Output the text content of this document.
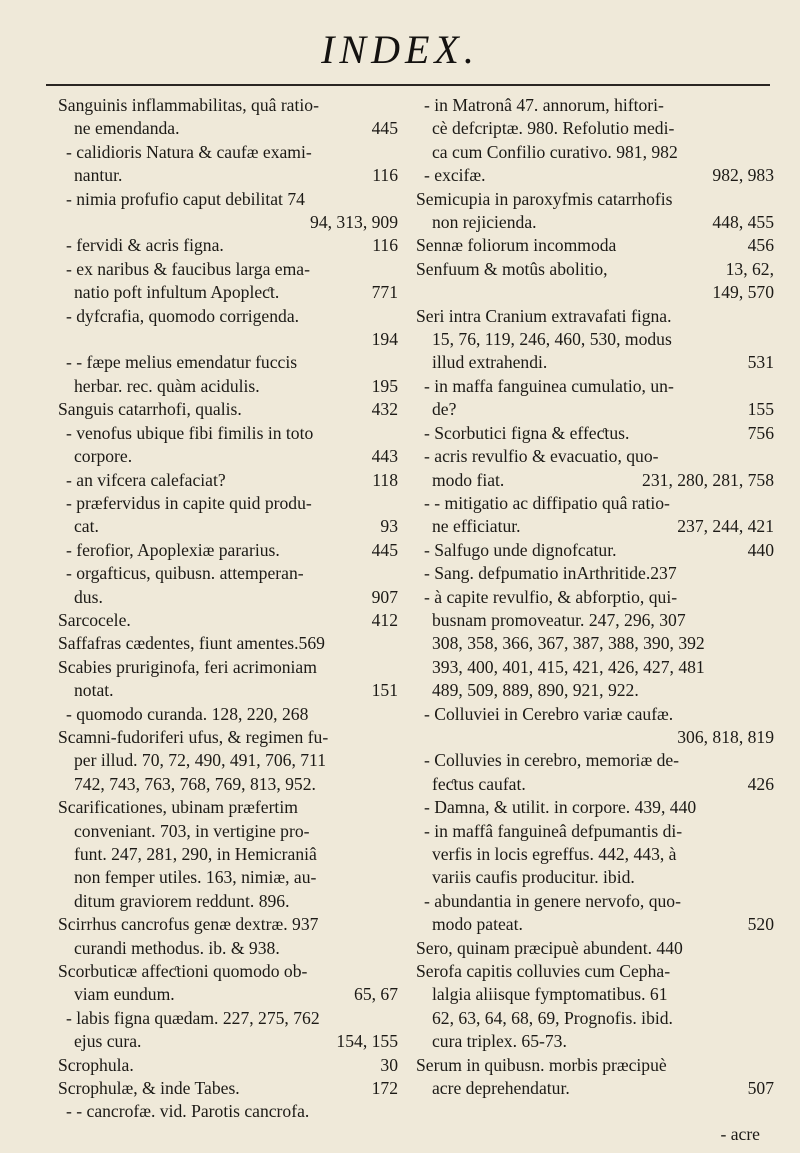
INDEX.
Sanguinis inflammabilitas, quâ ratio-
445
ne emendanda.
- calidioris Natura & caufæ exami-
116
nantur.
- nimia profufio caput debilitat 74
94, 313, 909
116
- fervidi & acris figna.
- ex naribus & faucibus larga ema-
771
natio poft infultum Apopleƈt.
- dyfcrafia, quomodo corrigenda.
194
- - fæpe melius emendatur fuccis
195
herbar. rec. quàm acidulis.
432
Sanguis catarrhofi, qualis.
- venofus ubique fibi fimilis in toto
443
corpore.
118
- an vifcera calefaciat?
- præfervidus in capite quid produ-
93
cat.
445
- ferofior, Apoplexiæ pararius.
- orgafticus, quibusn. attemperan-
907
dus.
412
Sarcocele.
Saffafras cædentes, fiunt amentes.569
Scabies pruriginofa, feri acrimoniam
151
notat.
- quomodo curanda. 128, 220, 268
Scamni-fudoriferi ufus, & regimen fu-
per illud. 70, 72, 490, 491, 706, 711
742, 743, 763, 768, 769, 813, 952.
Scarificationes, ubinam præfertim
conveniant. 703, in vertigine pro-
funt. 247, 281, 290, in Hemicraniâ
non femper utiles. 163, nimiæ, au-
ditum graviorem reddunt. 896.
Scirrhus cancrofus genæ dextræ. 937
curandi methodus. ib. & 938.
Scorbuticæ affeƈtioni quomodo ob-
65, 67
viam eundum.
- labis figna quædam. 227, 275, 762
154, 155
ejus cura.
30
Scrophula.
172
Scrophulæ, & inde Tabes.
- - cancrofæ. vid. Parotis cancrofa.
- in Matronâ 47. annorum, hiftori-
cè defcriptæ. 980. Refolutio medi-
ca cum Confilio curativo. 981, 982
982, 983
- excifæ.
Semicupia in paroxyfmis catarrhofis
448, 455
non rejicienda.
456
Sennæ foliorum incommoda
13, 62,
Senfuum & motûs abolitio,
149, 570
Seri intra Cranium extravafati figna.
15, 76, 119, 246, 460, 530, modus
531
illud extrahendi.
- in maffa fanguinea cumulatio, un-
155
de?
756
- Scorbutici figna & effeƈtus.
- acris revulfio & evacuatio, quo-
231, 280, 281, 758
modo fiat.
- - mitigatio ac diffipatio quâ ratio-
237, 244, 421
ne efficiatur.
440
- Salfugo unde dignofcatur.
- Sang. defpumatio inArthritide.237
- à capite revulfio, & abforptio, qui-
busnam promoveatur. 247, 296, 307
308, 358, 366, 367, 387, 388, 390, 392
393, 400, 401, 415, 421, 426, 427, 481
489, 509, 889, 890, 921, 922.
- Colluviei in Cerebro variæ caufæ.
306, 818, 819
- Colluvies in cerebro, memoriæ de-
426
feƈtus caufat.
- Damna, & utilit. in corpore. 439, 440
- in maffâ fanguineâ defpumantis di-
verfis in locis egreffus. 442, 443, à
variis caufis producitur. ibid.
- abundantia in genere nervofo, quo-
520
modo pateat.
Sero, quinam præcipuè abundent. 440
Serofa capitis colluvies cum Cepha-
lalgia aliisque fymptomatibus. 61
62, 63, 64, 68, 69, Prognofis. ibid.
cura triplex. 65-73.
Serum in quibusn. morbis præcipuè
507
acre deprehendatur.
- acre
